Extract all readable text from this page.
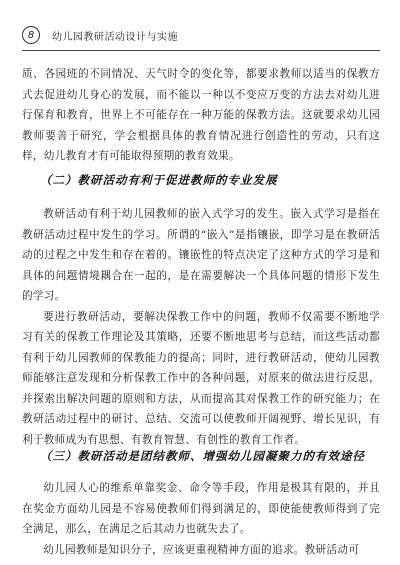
8	幼儿园教研活动设计与实施

质、各园班的不同情况、天气时令的变化等，都要求教师以适当的保教方式去促进幼儿身心的发展，而不能以一种以不变应万变的方法去对幼儿进行保育和教育，世界上不可能存在一种万能的保教方法。这就要求幼儿园教师要善于研究，学会根据具体的教育情况进行创造性的劳动，只有这样，幼儿教育才有可能取得预期的教育效果。

（二）教研活动有利于促进教师的专业发展

教研活动有利于幼儿园教师的嵌入式学习的发生。嵌入式学习是指在教研活动过程中发生的学习。所谓的“嵌入”是指镶嵌，即学习是在教研活动的过程之中发生和存在着的。镶嵌性的特点决定了这种方式的学习是和具体的问题情境耦合在一起的，是在需要解决一个具体问题的情形下发生的学习。

要进行教研活动，要解决保教工作中的问题，教师不仅需要不断地学习有关的保教工作理论及其策略，还要不断地思考与总结，而这些活动都有利于幼儿园教师的保教能力的提高；同时，进行教研活动，使幼儿园教师能够注意发现和分析保教工作中的各种问题，对原来的做法进行反思，并探索出解决问题的原则和方法，从而提高其对保教工作的研究能力；在教研活动过程中的研讨、总结、交流可以使教师开阔视野、增长见识，有利于教师成为有思想、有教育智慧、有创性的教育工作者。

（三）教研活动是团结教师、增强幼儿园凝聚力的有效途径

幼儿园人心的维系单靠奖金、命令等手段，作用是极其有限的，并且在奖金方面幼儿园是不容易使教师们得到满足的，即使能使教师得到了完全满足，那么，在满足之后其动力也就失去了。

幼儿园教师是知识分子，应该更重视精神方面的追求。教研活动可
